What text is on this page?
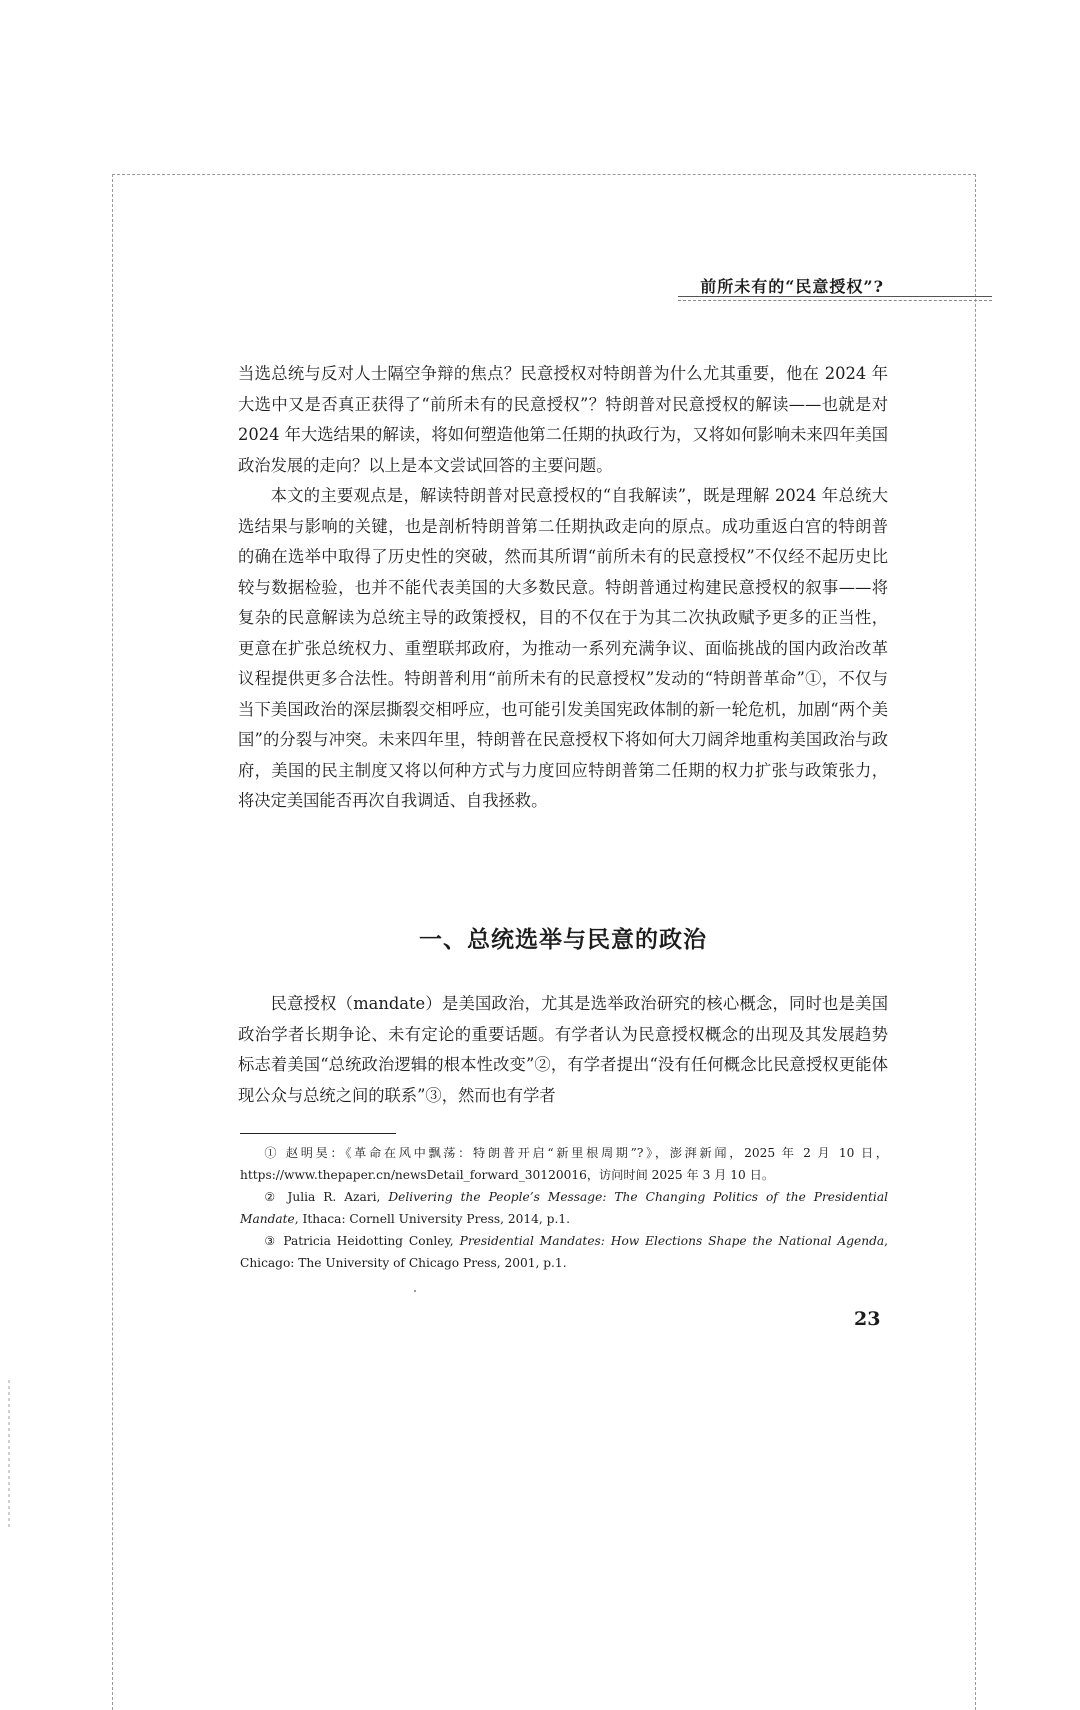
前所未有的“民意授权”?

当选总统与反对人士隔空争辩的焦点？民意授权对特朗普为什么尤其重要，他在 2024 年大选中又是否真正获得了“前所未有的民意授权”？特朗普对民意授权的解读——也就是对 2024 年大选结果的解读，将如何塑造他第二任期的执政行为，又将如何影响未来四年美国政治发展的走向？以上是本文尝试回答的主要问题。

本文的主要观点是，解读特朗普对民意授权的“自我解读”，既是理解 2024 年总统大选结果与影响的关键，也是剖析特朗普第二任期执政走向的原点。成功重返白宫的特朗普的确在选举中取得了历史性的突破，然而其所谓“前所未有的民意授权”不仅经不起历史比较与数据检验，也并不能代表美国的大多数民意。特朗普通过构建民意授权的叙事——将复杂的民意解读为总统主导的政策授权，目的不仅在于为其二次执政赋予更多的正当性，更意在扩张总统权力、重塑联邦政府，为推动一系列充满争议、面临挑战的国内政治改革议程提供更多合法性。特朗普利用“前所未有的民意授权”发动的“特朗普革命”①，不仅与当下美国政治的深层撕裂交相呼应，也可能引发美国宪政体制的新一轮危机，加剧“两个美国”的分裂与冲突。未来四年里，特朗普在民意授权下将如何大刀阔斧地重构美国政治与政府，美国的民主制度又将以何种方式与力度回应特朗普第二任期的权力扩张与政策张力，将决定美国能否再次自我调适、自我拯救。

一、总统选举与民意的政治

民意授权（mandate）是美国政治，尤其是选举政治研究的核心概念，同时也是美国政治学者长期争论、未有定论的重要话题。有学者认为民意授权概念的出现及其发展趋势标志着美国“总统政治逻辑的根本性改变”②，有学者提出“没有任何概念比民意授权更能体现公众与总统之间的联系”③，然而也有学者

① 赵明昊：《革命在风中飘荡：特朗普开启“新里根周期”?》，澎湃新闻，2025 年 2 月 10 日，https://www.thepaper.cn/newsDetail_forward_30120016，访问时间 2025 年 3 月 10 日。

② Julia R. Azari, Delivering the People’s Message: The Changing Politics of the Presidential Mandate, Ithaca: Cornell University Press, 2014, p.1.

③ Patricia Heidotting Conley, Presidential Mandates: How Elections Shape the National Agenda, Chicago: The University of Chicago Press, 2001, p.1.

23
